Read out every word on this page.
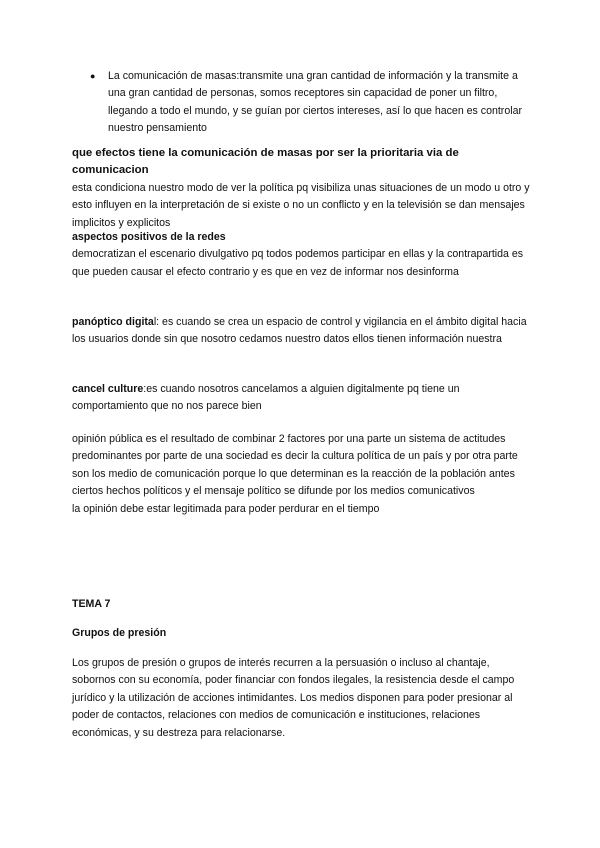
● La comunicación de masas:transmite una gran cantidad de información y la transmite a una gran cantidad de personas, somos receptores sin capacidad de poner un filtro, llegando a todo el mundo, y se guían por ciertos intereses, así lo que hacen es controlar nuestro pensamiento

que efectos tiene la comunicación de masas por ser la prioritaria via de comunicacion

esta condiciona nuestro modo de ver la política pq visibiliza unas situaciones de un modo u otro y esto influyen en la interpretación de si existe o no un conflicto y en la televisión se dan mensajes implicitos y explicitos

aspectos positivos de la redes

democratizan el escenario divulgativo pq todos podemos participar en ellas y la contrapartida es que pueden causar el efecto contrario y es que en vez de informar nos desinforma

panóptico digital: es cuando se crea un espacio de control y vigilancia en el ámbito digital hacia los usuarios donde sin que nosotro cedamos nuestro datos ellos tienen información nuestra

cancel culture:es cuando nosotros cancelamos a alguien digitalmente pq tiene un comportamiento que no nos parece bien

opinión pública es el resultado de combinar 2 factores por una parte un sistema de actitudes predominantes por parte de una sociedad es decir la cultura política de un país y por otra parte son los medio de comunicación porque lo que determinan es la reacción de la población antes ciertos hechos políticos y el mensaje político se difunde por los medios comunicativos

la opinión debe estar legitimada para poder perdurar en el tiempo

TEMA 7

Grupos de presión

Los grupos de presión o grupos de interés recurren a la persuasión o incluso al chantaje, sobornos con su economía, poder financiar con fondos ilegales, la resistencia desde el campo jurídico y la utilización de acciones intimidantes. Los medios disponen para poder presionar al poder de contactos, relaciones con medios de comunicación e instituciones, relaciones económicas, y su destreza para relacionarse.
